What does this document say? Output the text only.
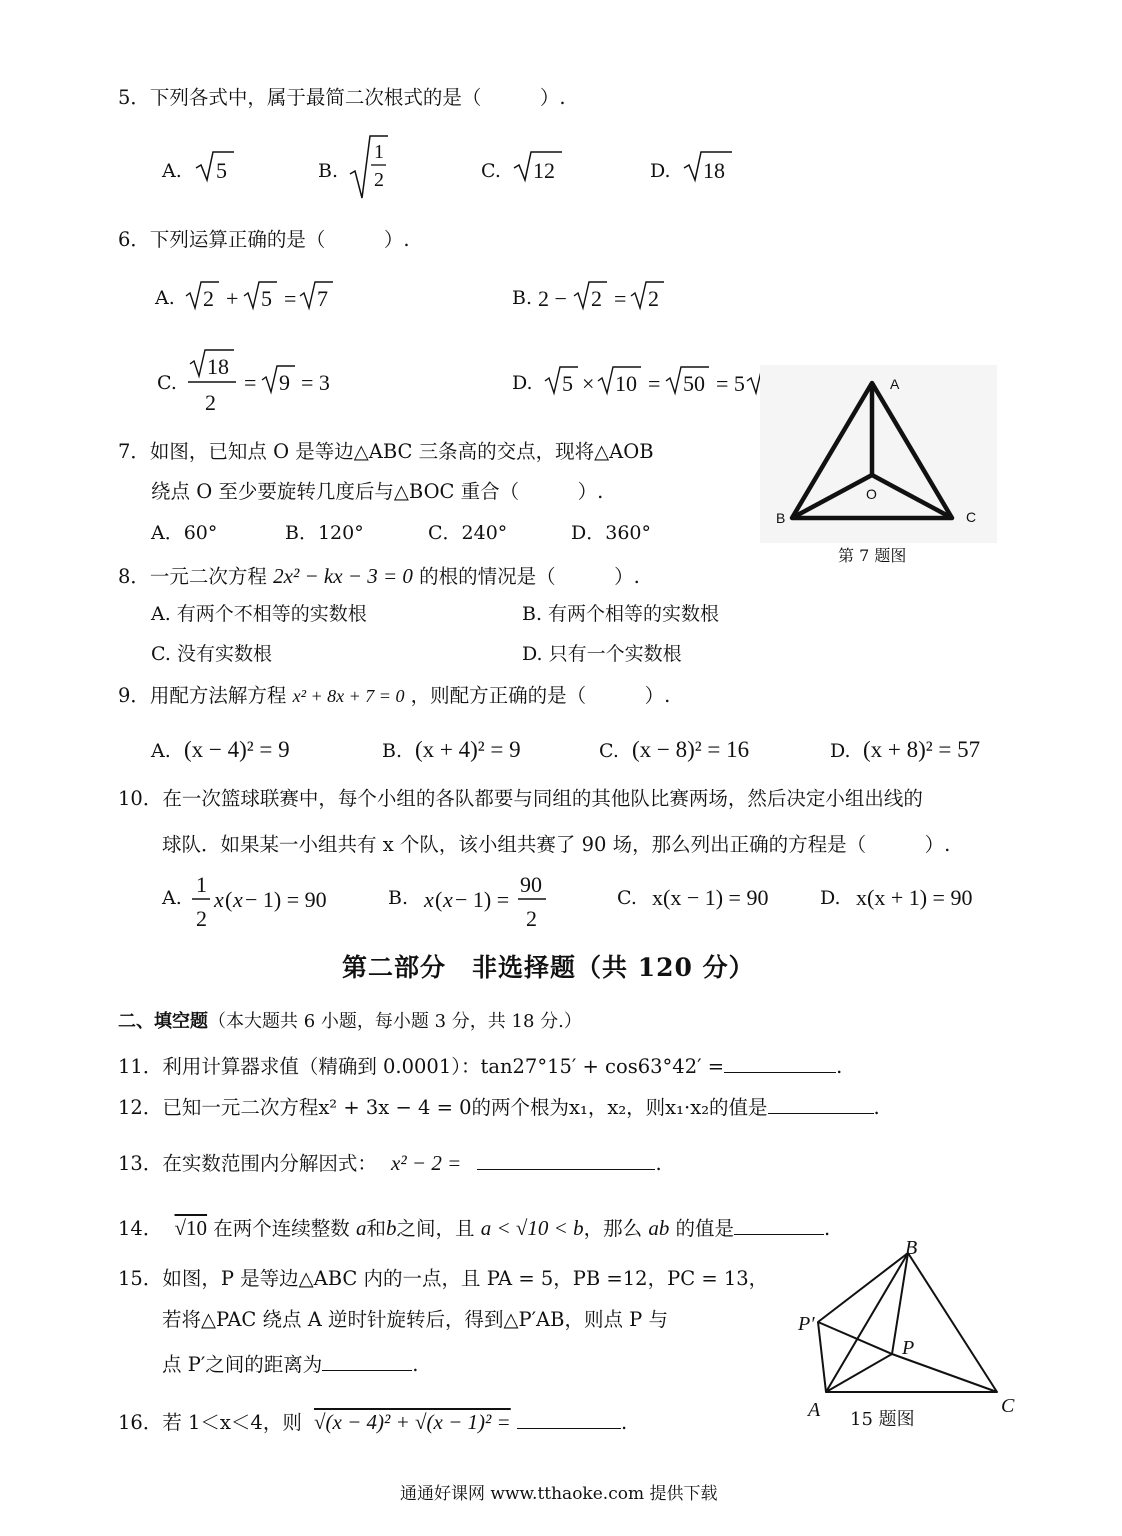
5．下列各式中，属于最简二次根式的是（　　　）.
A. 5	B.
1
2	C. 12	D. 18
6．下列运算正确的是（　　　）.
A. 2 + 5 = 7	B. 2 − 2 = 2
C.
18
2
= 9 = 3	D. 5 × 10 = 50 = 5
7．如图，已知点 O 是等边△ABC 三条高的交点，现将△AOB
绕点 O 至少要旋转几度后与△BOC 重合（　　　）.
A．60°	B．120°	C．240°	D．360°
A
B	C
O
第 7 题图
8．一元二次方程 2x² − kx − 3 = 0 的根的情况是（　　　）.
A. 有两个不相等的实数根	B. 有两个相等的实数根
C. 没有实数根	D. 只有一个实数根
9．用配方法解方程 x² + 8x + 7 = 0 ，则配方正确的是（　　　）.
A. (x − 4)² = 9	B. (x + 4)² = 9	C. (x − 8)² = 16	D. (x + 8)² = 57
10．在一次篮球联赛中，每个小组的各队都要与同组的其他队比赛两场，然后决定小组出线的
球队．如果某一小组共有 x 个队，该小组共赛了 90 场，那么列出正确的方程是（　　　）.
A.
1
2
x ( x − 1) = 90	B. x ( x − 1) =
90
2
C. x(x − 1) = 90	D. x(x + 1) = 90
第二部分　非选择题（共 120 分）
二、填空题（本大题共 6 小题，每小题 3 分，共 18 分.）
11．利用计算器求值（精确到 0.0001）：tan27°15′ + cos63°42′ =	.
12．已知一元二次方程x² + 3x − 4 = 0的两个根为x₁，x₂，则x₁·x₂的值是	.
13．在实数范围内分解因式： x² − 2 =	.
14． √10 在两个连续整数 a和b之间，且 a < √10 < b，那么 ab 的值是	.
15．如图，P 是等边△ABC 内的一点，且 PA = 5，PB =12，PC = 13，
若将△PAC 绕点 A 逆时针旋转后，得到△P′AB，则点 P 与
点 P′之间的距离为	.
B
P′
P
A	C
15 题图
16．若 1＜x＜4，则 √(x − 4)² + √(x − 1)² =	.
通通好课网 www.tthaoke.com 提供下载
